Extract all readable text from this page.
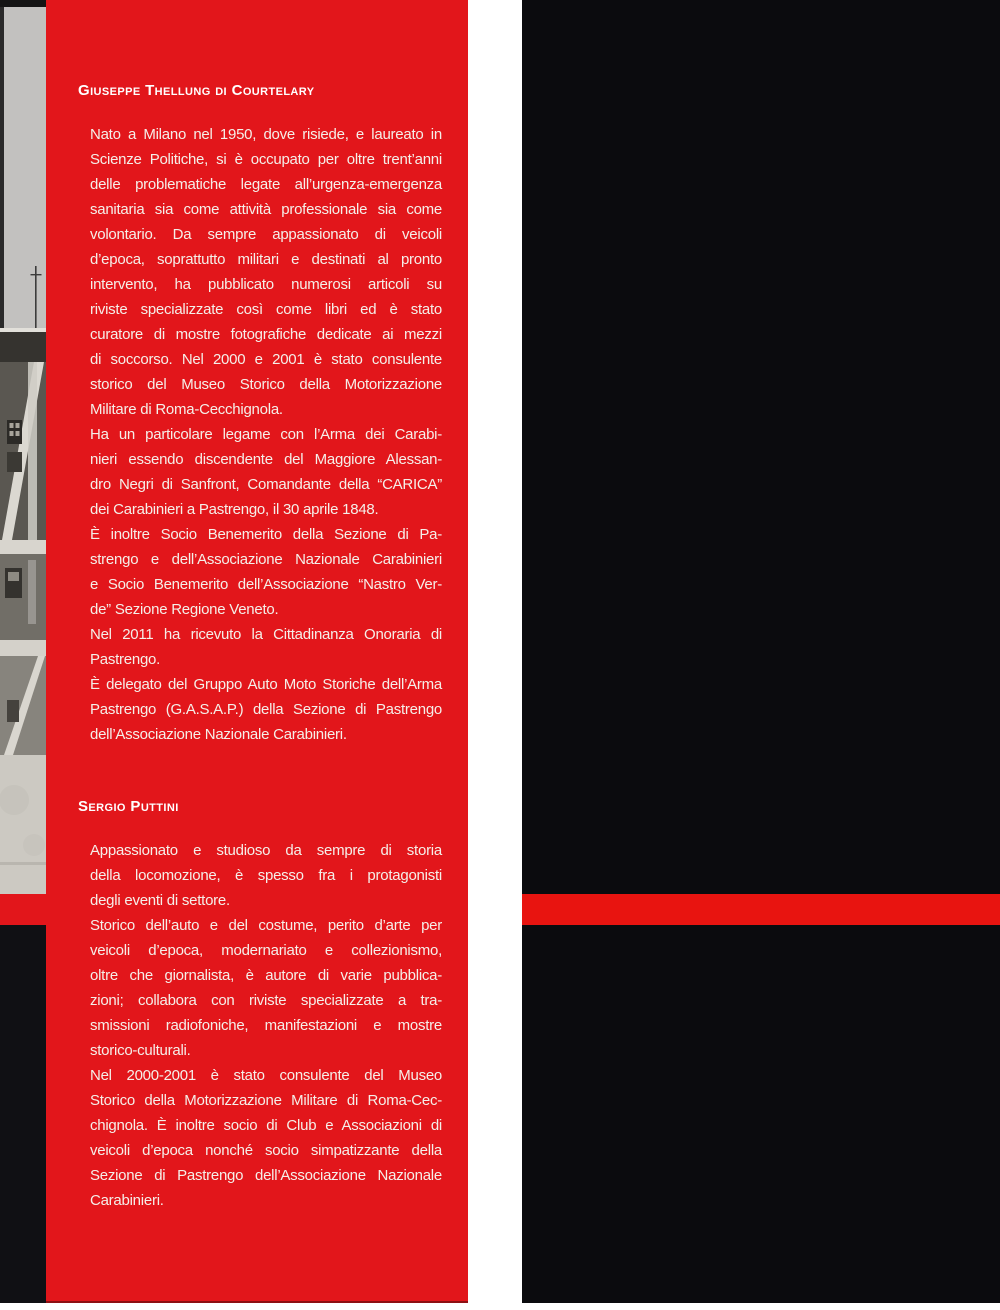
Giuseppe Thellung di Courtelary
Nato a Milano nel 1950, dove risiede, e laureato in
Scienze Politiche, si è occupato per oltre trent’anni
delle problematiche legate all’urgenza-emergenza
sanitaria sia come attività professionale sia come
volontario. Da sempre appassionato di veicoli
d’epoca, soprattutto militari e destinati al pronto
intervento, ha pubblicato numerosi articoli su
riviste specializzate così come libri ed è stato
curatore di mostre fotografiche dedicate ai mezzi
di soccorso. Nel 2000 e 2001 è stato consulente
storico del Museo Storico della Motorizzazione
Militare di Roma-Cecchignola.
Ha un particolare legame con l’Arma dei Carabi-
nieri essendo discendente del Maggiore Alessan-
dro Negri di Sanfront, Comandante della “CARICA”
dei Carabinieri a Pastrengo, il 30 aprile 1848.
È inoltre Socio Benemerito della Sezione di Pa-
strengo e dell’Associazione Nazionale Carabinieri
e Socio Benemerito dell’Associazione “Nastro Ver-
de” Sezione Regione Veneto.
Nel 2011 ha ricevuto la Cittadinanza Onoraria di
Pastrengo.
È delegato del Gruppo Auto Moto Storiche dell’Arma
Pastrengo (G.A.S.A.P.) della Sezione di Pastrengo
dell’Associazione Nazionale Carabinieri.
Sergio Puttini
Appassionato e studioso da sempre di storia
della locomozione, è spesso fra i protagonisti
degli eventi di settore.
Storico dell’auto e del costume, perito d’arte per
veicoli d’epoca, modernariato e collezionismo,
oltre che giornalista, è autore di varie pubblica-
zioni; collabora con riviste specializzate a tra-
smissioni radiofoniche, manifestazioni e mostre
storico-culturali.
Nel 2000-2001 è stato consulente del Museo
Storico della Motorizzazione Militare di Roma-Cec-
chignola. È inoltre socio di Club e Associazioni di
veicoli d’epoca nonché socio simpatizzante della
Sezione di Pastrengo dell’Associazione Nazionale
Carabinieri.
